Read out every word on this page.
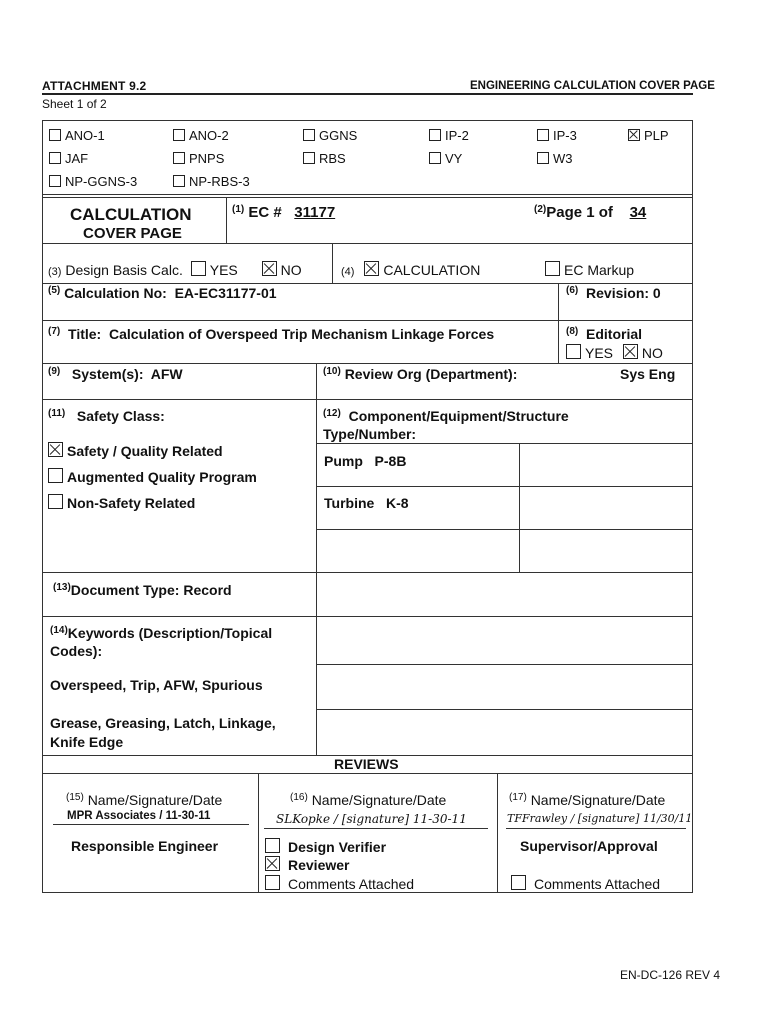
ATTACHMENT 9.2	ENGINEERING CALCULATION COVER PAGE
Sheet 1 of 2
ANO-1	ANO-2	GGNS	IP-2	IP-3	PLP
JAF	PNPS	RBS	VY	W3
NP-GGNS-3	NP-RBS-3
CALCULATION
COVER PAGE
$^{(1)}$ EC # 31177	$^{(2)}$Page 1 of 34
(3) Design Basis Calc. YES	NO	(4) CALCULATION	EC Markup
$^{(5)}$ Calculation No: EA-EC31177-01	$^{(6)}$ Revision: 0
$^{(7)}$ Title: Calculation of Overspeed Trip Mechanism Linkage Forces	$^{(8)}$ Editorial
YES NO
$^{(9)}$ System(s): AFW	$^{(10)}$ Review Org (Department):	Sys Eng
$^{(11)}$ Safety Class:
Safety / Quality Related
Augmented Quality Program
Non-Safety Related
$^{(12)}$ Component/Equipment/Structure
Type/Number:
Pump   P-8B
Turbine   K-8
$^{(13)}$Document Type: Record
$^{(14)}$Keywords (Description/Topical
Codes):
Overspeed, Trip, AFW, Spurious
Grease, Greasing, Latch, Linkage,
Knife Edge
REVIEWS
$^{(15)}$ Name/Signature/Date
MPR Associates / 11-30-11
Responsible Engineer
$^{(16)}$ Name/Signature/Date
SLKopke / [signature] 11-30-11
Design Verifier
Reviewer
Comments Attached
$^{(17)}$ Name/Signature/Date
TFFrawley / [signature] 11/30/11
Supervisor/Approval
Comments Attached
EN-DC-126 REV 4
